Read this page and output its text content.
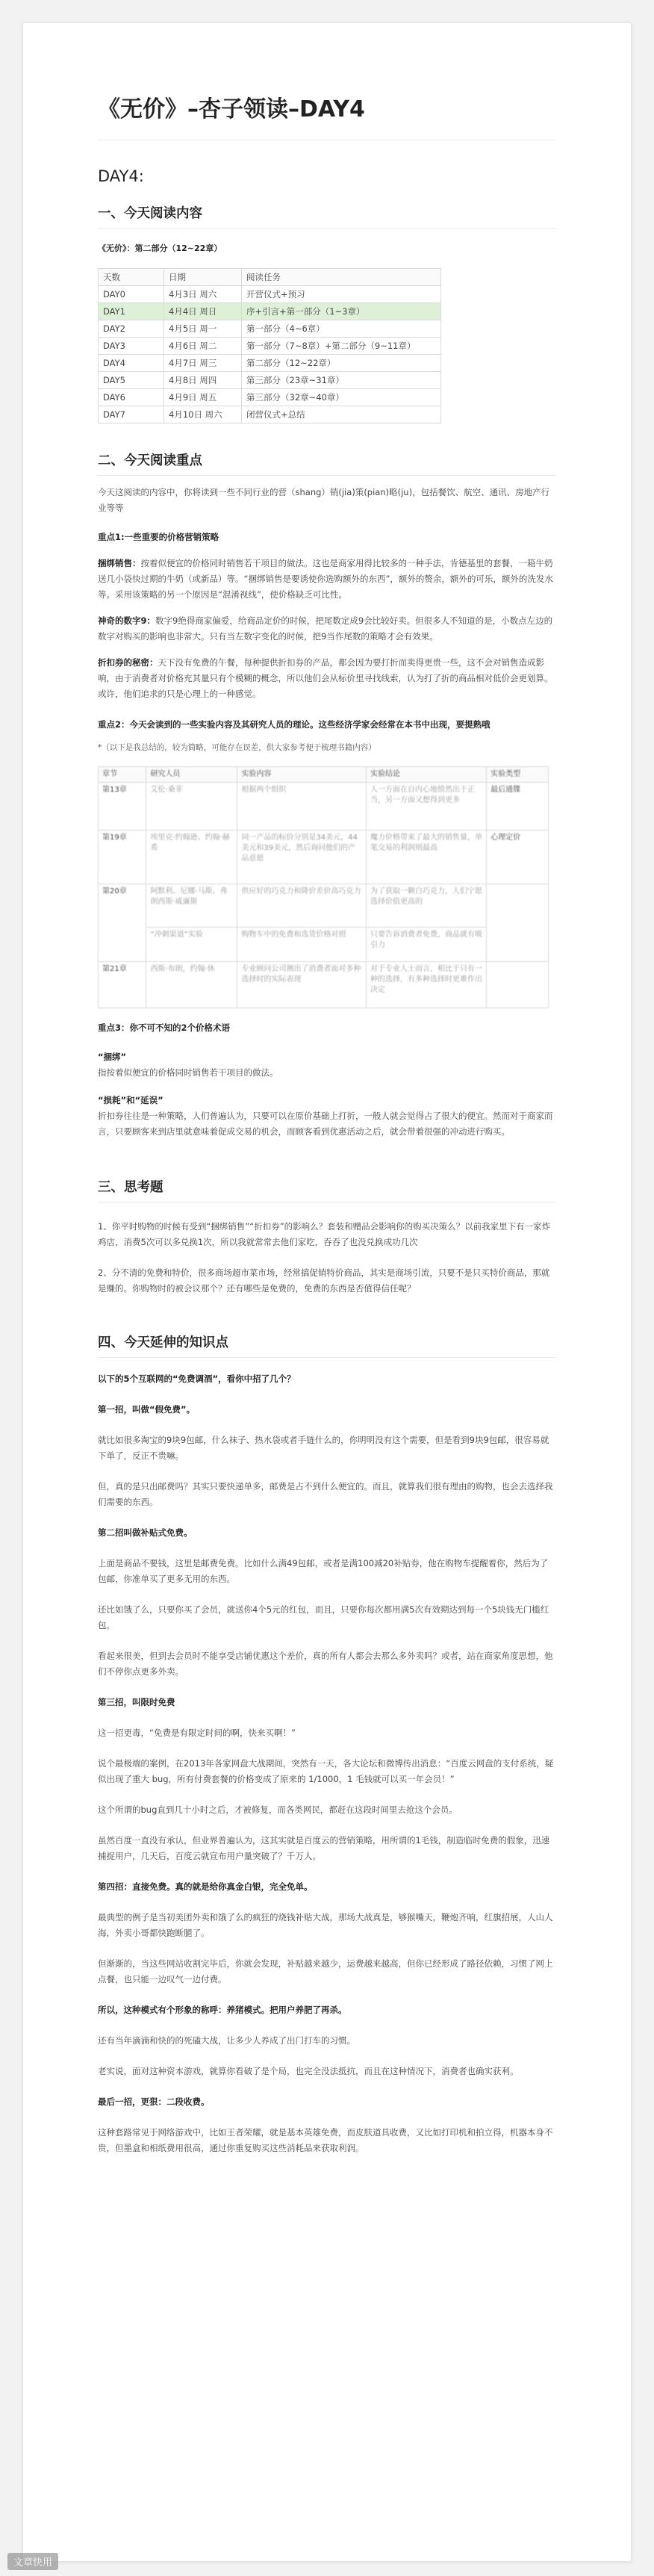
《无价》–杏子领读–DAY4
DAY4:
一、今天阅读内容

《无价》：第二部分（12~22章）

天数	日期	阅读任务
DAY0	4月3日 周六	开营仪式+预习
DAY1	4月4日 周日	序+引言+第一部分（1~3章）
DAY2	4月5日 周一	第一部分（4~6章）
DAY3	4月6日 周二	第一部分（7~8章）+第二部分（9~11章）
DAY4	4月7日 周三	第二部分（12~22章）
DAY5	4月8日 周四	第三部分（23章~31章）
DAY6	4月9日 周五	第三部分（32章~40章）
DAY7	4月10日 周六	闭营仪式+总结
二、今天阅读重点

今天这阅读的内容中，你将读到一些不同行业的营（shang）销(jia)策(pian)略(ju)，包括餐饮、航空、通讯、房地产行业等等

重点1:一些重要的价格营销策略

捆绑销售：按着似便宜的价格同时销售若干项目的做法。这也是商家用得比较多的一种手法，肯德基里的套餐，一箱牛奶送几小袋快过期的牛奶（或新品）等。“捆绑销售是要诱使你选购额外的东西”，额外的赘余，额外的可乐，额外的洗发水等。采用该策略的另一个原因是“混淆视线”，使价格缺乏可比性。

神奇的数字9：数字9绝得商家偏爱，给商品定价的时候，把尾数定成9会比较好卖。但很多人不知道的是，小数点左边的数字对购买的影响也非常大。只有当左数字变化的时候，把9当作尾数的策略才会有效果。

折扣券的秘密：天下没有免费的午餐，每种提供折扣券的产品，都会因为要打折而卖得更贵一些，这不会对销售造成影响，由于消费者对价格充其量只有个模糊的概念，所以他们会从标价里寻找线索，认为打了折的商品相对低价会更划算。或许，他们追求的只是心理上的一种感觉。

重点2：今天会读到的一些实验内容及其研究人员的理论。这些经济学家会经常在本书中出现，要提熟哦

*（以下是我总结的，较为简略，可能存在误差，供大家参考便于梳理书籍内容）

章节	研究人员	实验内容	实验结论	实验类型
第13章	艾伦·桑菲	根据两个组织	人一方面在自内心地愤然出于正当，另一方面又想得到更多	最后通牒
第19章	埃里克·约翰逊、约翰·赫希	同一产品的标价分别是34美元，44美元和39美元，然后询问他们的产品意愿	魔力价格带来了最大的销售量，单笔交易的利润则最高	心理定价
第20章	阿默利、尼娜·马斯、弗朗西斯·威廉斯	供应好的巧克力和降价差价高巧克力	为了获取一颗白巧克力，人们宁愿选择价值更高的	
	“冲刺渠道”实验	购物车中的免费和选货价格对照	只要告诉消费者免费，商品就有吸引力	
第21章	西斯·布朗，约翰·休	专业顾问公司测出了消费者面对多种选择时的实际表现	对于专业人士而言，相比于只有一种的选择，有多种选择时更难作出决定	

重点3：你不可不知的2个价格术语

“捆绑”

指按着似便宜的价格同时销售若干项目的做法。

“损耗”和“延误”

折扣券往往是一种策略，人们普遍认为，只要可以在原价基础上打折，一般人就会觉得占了很大的便宜。然而对于商家而言，只要顾客来到店里就意味着促成交易的机会，而顾客看到优惠活动之后，就会带着很强的冲动进行购买。

三、思考题

1、你平时购物的时候有受到“捆绑销售”“折扣券”的影响么？套装和赠品会影响你的购买决策么？以前我家里下有一家炸鸡店，消费5次可以多兑换1次，所以我就常常去他们家吃，吞吞了也没兑换成功几次

2、分不清的免费和特价，很多商场超市菜市场，经常搞促销特价商品，其实是商场引流，只要不是只买特价商品，那就是赚的。你购物时的被会议那个？还有哪些是免费的，免费的东西是否值得信任呢？

四、今天延伸的知识点

以下的5个互联网的“免费调酒”，看你中招了几个？

第一招，叫做“假免费”。

就比如很多淘宝的9块9包邮，什么袜子、热水袋或者手链什么的，你明明没有这个需要，但是看到9块9包邮，很容易就下单了，反正不贵嘛。

但，真的是只出邮费吗？其实只要快递单多，邮费是占不到什么便宜的。而且，就算我们很有理由的购物，也会去选择我们需要的东西。

第二招叫做补贴式免费。

上面是商品不要钱，这里是邮费免费。比如什么满49包邮，或者是满100减20补贴券，他在购物车提醒着你，然后为了包邮，你准单买了更多无用的东西。

还比如饿了么，只要你买了会员，就送你4个5元的红包，而且，只要你每次都用满5次有效期达到每一个5块钱无门槛红包。

看起来很美，但到去会员时不能享受店铺优惠这个差价，真的所有人都会去那么多外卖吗？或者，站在商家角度思想，他们不停你点更多外卖。

第三招，叫限时免费

这一招更毒，“免费是有限定时间的啊，快来买啊！”

说个最极端的案例，在2013年各家网盘大战期间，突然有一天，各大论坛和微博传出消息：“百度云网盘的支付系统，疑似出现了重大 bug，所有付费套餐的价格变成了原来的 1/1000，1 毛钱就可以买一年会员！”

这个所谓的bug直到几十小时之后，才被修复，而各类网民，都赶在这段时间里去抢这个会员。

虽然百度一直没有承认，但业界普遍认为，这其实就是百度云的营销策略，用所谓的1毛钱，制造临时免费的假象，迅速捕捉用户，几天后，百度云就宣布用户量突破了？千万人。

第四招：直接免费。真的就是给你真金白银，完全免单。

最典型的例子是当初美团外卖和饿了么的疯狂的烧钱补贴大战，那场大战真是，够猴嘴天，鞭炮齐响，红旗招展，人山人海，外卖小哥都快跑断腿了。

但渐渐的，当这些网站收割完毕后，你就会发现，补贴越来越少，运费越来越高，但你已经形成了路径依赖，习惯了网上点餐，也只能一边叹气一边付费。

所以，这种模式有个形象的称呼：养猪模式。把用户养肥了再杀。

还有当年滴滴和快的的死磕大战，让多少人养成了出门打车的习惯。

老实说，面对这种资本游戏，就算你看破了是个局，也完全没法抵抗，而且在这种情况下，消费者也确实获利。

最后一招，更狠：二段收费。

这种套路常见于网络游戏中，比如王者荣耀，就是基本英雄免费，而皮肤道具收费，又比如打印机和拍立得，机器本身不贵，但墨盒和相纸费用很高，通过你重复购买这些消耗品来获取利润。

文章快用
